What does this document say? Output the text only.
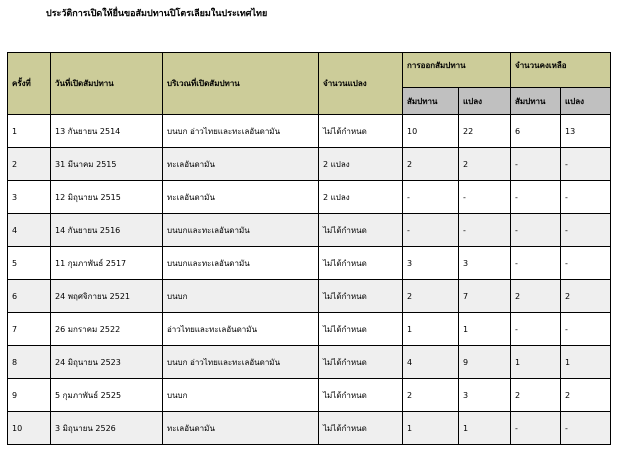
ประวัติการเปิดให้ยื่นขอสัมปทานปิโตรเลียมในประเทศไทย
ครั้งที่	วันที่เปิดสัมปทาน	บริเวณที่เปิดสัมปทาน	จำนวนแปลง	การออกสัมปทาน		จำนวนคงเหลือ	
				สัมปทาน	แปลง	สัมปทาน	แปลง
1	13 กันยายน 2514	บนบก อ่าวไทยและทะเลอันดามัน	ไม่ได้กำหนด	10	22	6	13
2	31 มีนาคม 2515	ทะเลอันดามัน	2 แปลง	2	2	-	-
3	12 มิถุนายน 2515	ทะเลอันดามัน	2 แปลง	-	-	-	-
4	14 กันยายน 2516	บนบกและทะเลอันดามัน	ไม่ได้กำหนด	-	-	-	-
5	11 กุมภาพันธ์ 2517	บนบกและทะเลอันดามัน	ไม่ได้กำหนด	3	3	-	-
6	24 พฤศจิกายน 2521	บนบก	ไม่ได้กำหนด	2	7	2	2
7	26 มกราคม 2522	อ่าวไทยและทะเลอันดามัน	ไม่ได้กำหนด	1	1	-	-
8	24 มิถุนายน 2523	บนบก อ่าวไทยและทะเลอันดามัน	ไม่ได้กำหนด	4	9	1	1
9	5 กุมภาพันธ์ 2525	บนบก	ไม่ได้กำหนด	2	3	2	2
10	3 มิถุนายน 2526	ทะเลอันดามัน	ไม่ได้กำหนด	1	1	-	-
